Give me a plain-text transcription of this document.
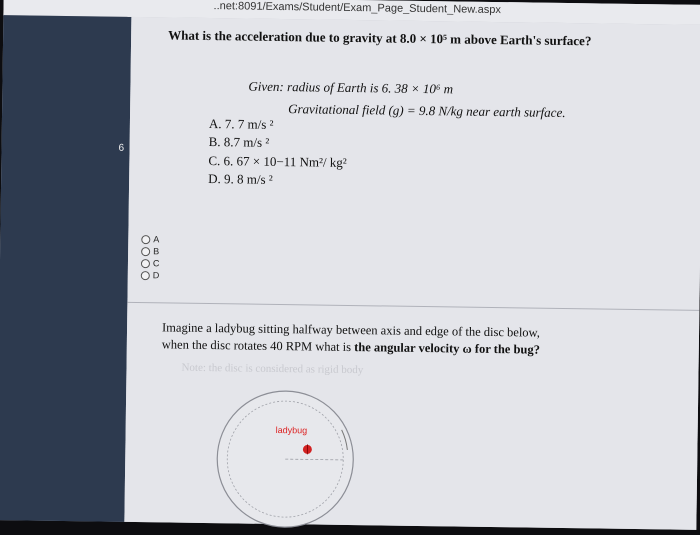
..net:8091/Exams/Student/Exam_Page_Student_New.aspx
6
What is the acceleration due to gravity at 8.0 × 10⁵ m above Earth's surface?
Given: radius of Earth is 6. 38 × 10⁶ m
Gravitational field (g) = 9.8 N/kg near earth surface.
A. 7. 7 m/s ²
B. 8.7 m/s ²
C. 6. 67 × 10−11 Nm²/ kg²
D. 9. 8 m/s ²
A
B
C
D
Imagine a ladybug sitting halfway between axis and edge of the disc below,
when the disc rotates 40 RPM what is the angular velocity ω for the bug?
Note: the disc is considered as rigid body
ladybug
